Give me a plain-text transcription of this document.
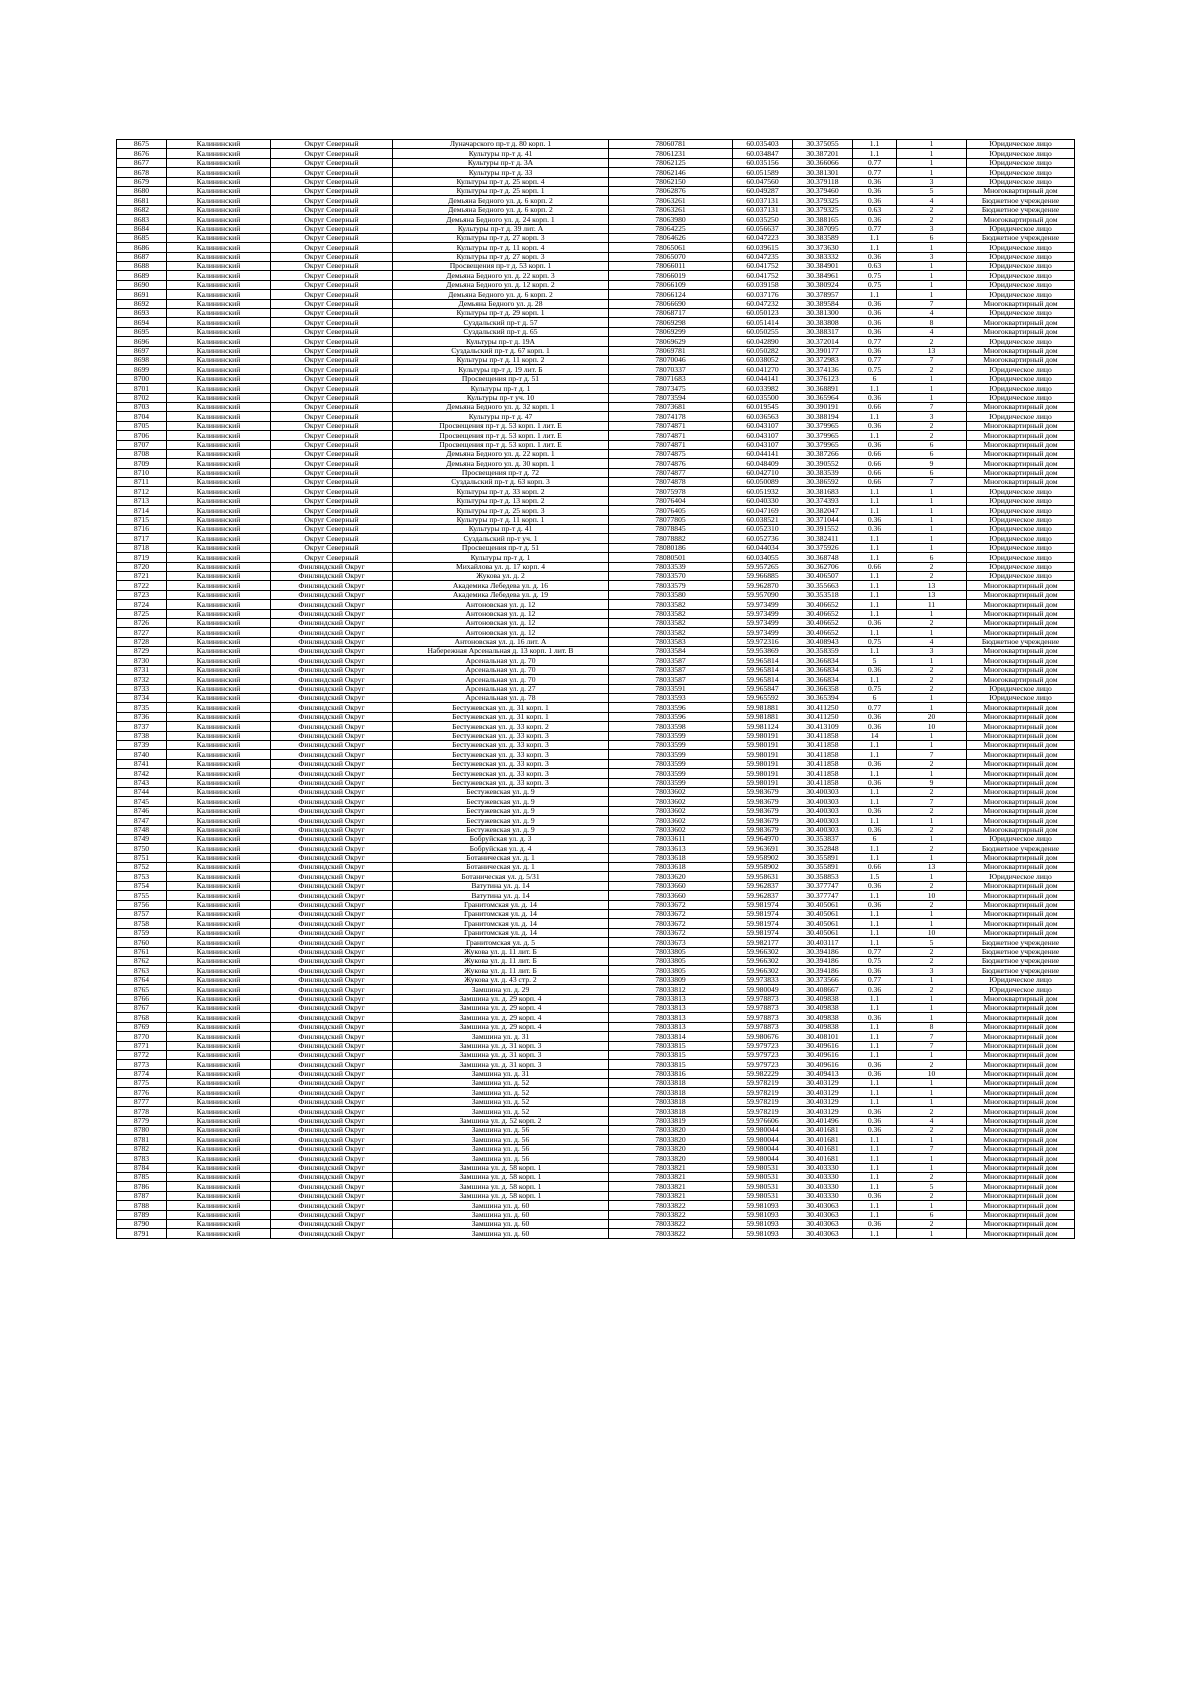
8675	Калининский	Округ Северный	Луначарского пр-т д. 80 корп. 1	78060781	60.035403	30.375055	1.1	1	Юридическое лицо
8676	Калининский	Округ Северный	Культуры пр-т д. 41	78061231	60.034847	30.387201	1.1	1	Юридическое лицо
8677	Калининский	Округ Северный	Культуры пр-т д. 3А	78062125	60.035156	30.366066	0.77	1	Юридическое лицо
8678	Калининский	Округ Северный	Культуры пр-т д. 33	78062146	60.051589	30.381301	0.77	1	Юридическое лицо
8679	Калининский	Округ Северный	Культуры пр-т д. 25 корп. 4	78062150	60.047560	30.379118	0.36	3	Юридическое лицо
8680	Калининский	Округ Северный	Культуры пр-т д. 25 корп. 1	78062876	60.049287	30.379460	0.36	5	Многоквартирный дом
8681	Калининский	Округ Северный	Демьяна Бедного ул. д. 6 корп. 2	78063261	60.037131	30.379325	0.36	4	Бюджетное учреждение
8682	Калининский	Округ Северный	Демьяна Бедного ул. д. 6 корп. 2	78063261	60.037131	30.379325	0.63	2	Бюджетное учреждение
8683	Калининский	Округ Северный	Демьяна Бедного ул. д. 24 корп. 1	78063980	60.035250	30.388165	0.36	2	Многоквартирный дом
8684	Калининский	Округ Северный	Культуры пр-т д. 39 лит. А	78064225	60.056637	30.387095	0.77	3	Юридическое лицо
8685	Калининский	Округ Северный	Культуры пр-т д. 27 корп. 3	78064626	60.047223	30.383589	1.1	6	Бюджетное учреждение
8686	Калининский	Округ Северный	Культуры пр-т д. 11 корп. 4	78065061	60.039615	30.373630	1.1	1	Юридическое лицо
8687	Калининский	Округ Северный	Культуры пр-т д. 27 корп. 3	78065070	60.047235	30.383332	0.36	3	Юридическое лицо
8688	Калининский	Округ Северный	Просвещения пр-т д. 53 корп. 1	78066011	60.041752	30.384901	0.63	1	Юридическое лицо
8689	Калининский	Округ Северный	Демьяна Бедного ул. д. 22 корп. 3	78066019	60.041752	30.384961	0.75	1	Юридическое лицо
8690	Калининский	Округ Северный	Демьяна Бедного ул. д. 12 корп. 2	78066109	60.039158	30.380924	0.75	1	Юридическое лицо
8691	Калининский	Округ Северный	Демьяна Бедного ул. д. 6 корп. 2	78066124	60.037176	30.378957	1.1	1	Юридическое лицо
8692	Калининский	Округ Северный	Демьяна Бедного ул. д. 28	78066690	60.047232	30.389584	0.36	7	Многоквартирный дом
8693	Калининский	Округ Северный	Культуры пр-т д. 29 корп. 1	78068717	60.050123	30.381300	0.36	4	Юридическое лицо
8694	Калининский	Округ Северный	Суздальский пр-т д. 57	78069298	60.051414	30.383808	0.36	8	Многоквартирный дом
8695	Калининский	Округ Северный	Суздальский пр-т д. 65	78069299	60.050255	30.388317	0.36	4	Многоквартирный дом
8696	Калининский	Округ Северный	Культуры пр-т д. 19А	78069629	60.042890	30.372014	0.77	2	Юридическое лицо
8697	Калининский	Округ Северный	Суздальский пр-т д. 67 корп. 1	78069781	60.050282	30.390177	0.36	13	Многоквартирный дом
8698	Калининский	Округ Северный	Культуры пр-т д. 11 корп. 2	78070046	60.038052	30.372983	0.77	7	Многоквартирный дом
8699	Калининский	Округ Северный	Культуры пр-т д. 19 лит. Б	78070337	60.041270	30.374136	0.75	2	Юридическое лицо
8700	Калининский	Округ Северный	Просвещения пр-т д. 51	78071683	60.044141	30.376123	6	1	Юридическое лицо
8701	Калининский	Округ Северный	Культуры пр-т д. 1	78073475	60.033982	30.368891	1.1	1	Юридическое лицо
8702	Калининский	Округ Северный	Культуры пр-т уч. 10	78073594	60.035500	30.365964	0.36	1	Юридическое лицо
8703	Калининский	Округ Северный	Демьяна Бедного ул. д. 32 корп. 1	78073681	60.019545	30.390191	0.66	7	Многоквартирный дом
8704	Калининский	Округ Северный	Культуры пр-т д. 47	78074178	60.036563	30.388194	1.1	3	Юридическое лицо
8705	Калининский	Округ Северный	Просвещения пр-т д. 53 корп. 1 лит. Е	78074871	60.043107	30.379965	0.36	2	Многоквартирный дом
8706	Калининский	Округ Северный	Просвещения пр-т д. 53 корп. 1 лит. Е	78074871	60.043107	30.379965	1.1	2	Многоквартирный дом
8707	Калининский	Округ Северный	Просвещения пр-т д. 53 корп. 1 лит. Е	78074871	60.043107	30.379965	0.36	6	Многоквартирный дом
8708	Калининский	Округ Северный	Демьяна Бедного ул. д. 22 корп. 1	78074875	60.044141	30.387266	0.66	6	Многоквартирный дом
8709	Калининский	Округ Северный	Демьяна Бедного ул. д. 30 корп. 1	78074876	60.048409	30.390552	0.66	9	Многоквартирный дом
8710	Калининский	Округ Северный	Просвещения пр-т д. 72	78074877	60.042710	30.383539	0.66	6	Многоквартирный дом
8711	Калининский	Округ Северный	Суздальский пр-т д. 63 корп. 3	78074878	60.050089	30.386592	0.66	7	Многоквартирный дом
8712	Калининский	Округ Северный	Культуры пр-т д. 33 корп. 2	78075978	60.051932	30.381683	1.1	1	Юридическое лицо
8713	Калининский	Округ Северный	Культуры пр-т д. 13 корп. 2	78076404	60.040330	30.374393	1.1	1	Юридическое лицо
8714	Калининский	Округ Северный	Культуры пр-т д. 25 корп. 3	78076405	60.047169	30.382047	1.1	1	Юридическое лицо
8715	Калининский	Округ Северный	Культуры пр-т д. 11 корп. 1	78077805	60.038521	30.371044	0.36	1	Юридическое лицо
8716	Калининский	Округ Северный	Культуры пр-т д. 41	78078845	60.052310	30.391552	0.36	1	Юридическое лицо
8717	Калининский	Округ Северный	Суздальский пр-т уч. 1	78078882	60.052736	30.382411	1.1	1	Юридическое лицо
8718	Калининский	Округ Северный	Просвещения пр-т д. 51	78080186	60.044034	30.375926	1.1	1	Юридическое лицо
8719	Калининский	Округ Северный	Культуры пр-т д. 1	78080501	60.034055	30.368748	1.1	6	Юридическое лицо
8720	Калининский	Финляндский Округ	Михайлова ул. д. 17 корп. 4	78033539	59.957265	30.362706	0.66	2	Юридическое лицо
8721	Калининский	Финляндский Округ	Жукова ул. д. 2	78033570	59.966885	30.406507	1.1	2	Юридическое лицо
8722	Калининский	Финляндский Округ	Академика Лебедева ул. д. 16	78033579	59.962870	30.355663	1.1	13	Многоквартирный дом
8723	Калининский	Финляндский Округ	Академика Лебедева ул. д. 19	78033580	59.957090	30.353518	1.1	13	Многоквартирный дом
8724	Калининский	Финляндский Округ	Антоновская ул. д. 12	78033582	59.973499	30.406652	1.1	11	Многоквартирный дом
8725	Калининский	Финляндский Округ	Антоновская ул. д. 12	78033582	59.973499	30.406652	1.1	1	Многоквартирный дом
8726	Калининский	Финляндский Округ	Антоновская ул. д. 12	78033582	59.973499	30.406652	0.36	2	Многоквартирный дом
8727	Калининский	Финляндский Округ	Антоновская ул. д. 12	78033582	59.973499	30.406652	1.1	1	Многоквартирный дом
8728	Калининский	Финляндский Округ	Антоновская ул. д. 16 лит. А	78033583	59.972316	30.408943	0.75	4	Бюджетное учреждение
8729	Калининский	Финляндский Округ	Набережная Арсенальная д. 13 корп. 1 лит. В	78033584	59.953869	30.358359	1.1	3	Многоквартирный дом
8730	Калининский	Финляндский Округ	Арсенальная ул. д. 70	78033587	59.965814	30.366834	5	1	Многоквартирный дом
8731	Калининский	Финляндский Округ	Арсенальная ул. д. 70	78033587	59.965814	30.366834	0.36	2	Многоквартирный дом
8732	Калининский	Финляндский Округ	Арсенальная ул. д. 70	78033587	59.965814	30.366834	1.1	2	Многоквартирный дом
8733	Калининский	Финляндский Округ	Арсенальная ул. д. 27	78033591	59.965847	30.366358	0.75	2	Юридическое лицо
8734	Калининский	Финляндский Округ	Арсенальная ул. д. 78	78033593	59.965592	30.365394	6	1	Юридическое лицо
8735	Калининский	Финляндский Округ	Бестужевская ул. д. 31 корп. 1	78033596	59.981881	30.411250	0.77	1	Многоквартирный дом
8736	Калининский	Финляндский Округ	Бестужевская ул. д. 31 корп. 1	78033596	59.981881	30.411250	0.36	20	Многоквартирный дом
8737	Калининский	Финляндский Округ	Бестужевская ул. д. 33 корп. 2	78033598	59.981124	30.413109	0.36	10	Многоквартирный дом
8738	Калининский	Финляндский Округ	Бестужевская ул. д. 33 корп. 3	78033599	59.980191	30.411858	14	1	Многоквартирный дом
8739	Калининский	Финляндский Округ	Бестужевская ул. д. 33 корп. 3	78033599	59.980191	30.411858	1.1	1	Многоквартирный дом
8740	Калининский	Финляндский Округ	Бестужевская ул. д. 33 корп. 3	78033599	59.980191	30.411858	1.1	7	Многоквартирный дом
8741	Калининский	Финляндский Округ	Бестужевская ул. д. 33 корп. 3	78033599	59.980191	30.411858	0.36	2	Многоквартирный дом
8742	Калининский	Финляндский Округ	Бестужевская ул. д. 33 корп. 3	78033599	59.980191	30.411858	1.1	1	Многоквартирный дом
8743	Калининский	Финляндский Округ	Бестужевская ул. д. 33 корп. 3	78033599	59.980191	30.411858	0.36	9	Многоквартирный дом
8744	Калининский	Финляндский Округ	Бестужевская ул. д. 9	78033602	59.983679	30.400303	1.1	2	Многоквартирный дом
8745	Калининский	Финляндский Округ	Бестужевская ул. д. 9	78033602	59.983679	30.400303	1.1	7	Многоквартирный дом
8746	Калининский	Финляндский Округ	Бестужевская ул. д. 9	78033602	59.983679	30.400303	0.36	2	Многоквартирный дом
8747	Калининский	Финляндский Округ	Бестужевская ул. д. 9	78033602	59.983679	30.400303	1.1	1	Многоквартирный дом
8748	Калининский	Финляндский Округ	Бестужевская ул. д. 9	78033602	59.983679	30.400303	0.36	2	Многоквартирный дом
8749	Калининский	Финляндский Округ	Бобруйская ул. д. 3	78033611	59.964970	30.353837	6	1	Юридическое лицо
8750	Калининский	Финляндский Округ	Бобруйская ул. д. 4	78033613	59.963691	30.352848	1.1	2	Бюджетное учреждение
8751	Калининский	Финляндский Округ	Ботаническая ул. д. 1	78033618	59.958902	30.355891	1.1	1	Многоквартирный дом
8752	Калининский	Финляндский Округ	Ботаническая ул. д. 1	78033618	59.958902	30.355891	0.66	13	Многоквартирный дом
8753	Калининский	Финляндский Округ	Ботаническая ул. д. 5/31	78033620	59.958631	30.358853	1.5	1	Юридическое лицо
8754	Калининский	Финляндский Округ	Ватутина ул. д. 14	78033660	59.962837	30.377747	0.36	2	Многоквартирный дом
8755	Калининский	Финляндский Округ	Ватутина ул. д. 14	78033660	59.962837	30.377747	1.1	10	Многоквартирный дом
8756	Калининский	Финляндский Округ	Гранитомская ул. д. 14	78033672	59.981974	30.405061	0.36	2	Многоквартирный дом
8757	Калининский	Финляндский Округ	Гранитомская ул. д. 14	78033672	59.981974	30.405061	1.1	1	Многоквартирный дом
8758	Калининский	Финляндский Округ	Гранитомская ул. д. 14	78033672	59.981974	30.405061	1.1	1	Многоквартирный дом
8759	Калининский	Финляндский Округ	Гранитомская ул. д. 14	78033672	59.981974	30.405061	1.1	10	Многоквартирный дом
8760	Калининский	Финляндский Округ	Гранитомская ул. д. 5	78033673	59.982177	30.403117	1.1	5	Бюджетное учреждение
8761	Калининский	Финляндский Округ	Жукова ул. д. 11 лит. Б	78033805	59.966302	30.394186	0.77	2	Бюджетное учреждение
8762	Калининский	Финляндский Округ	Жукова ул. д. 11 лит. Б	78033805	59.966302	30.394186	0.75	2	Бюджетное учреждение
8763	Калининский	Финляндский Округ	Жукова ул. д. 11 лит. Б	78033805	59.966302	30.394186	0.36	3	Бюджетное учреждение
8764	Калининский	Финляндский Округ	Жукова ул. д. 43 стр. 2	78033809	59.973833	30.373566	0.77	1	Юридическое лицо
8765	Калининский	Финляндский Округ	Замшина ул. д. 29	78033812	59.980049	30.408667	0.36	2	Юридическое лицо
8766	Калининский	Финляндский Округ	Замшина ул. д. 29 корп. 4	78033813	59.978873	30.409838	1.1	1	Многоквартирный дом
8767	Калининский	Финляндский Округ	Замшина ул. д. 29 корп. 4	78033813	59.978873	30.409838	1.1	1	Многоквартирный дом
8768	Калининский	Финляндский Округ	Замшина ул. д. 29 корп. 4	78033813	59.978873	30.409838	0.36	1	Многоквартирный дом
8769	Калининский	Финляндский Округ	Замшина ул. д. 29 корп. 4	78033813	59.978873	30.409838	1.1	8	Многоквартирный дом
8770	Калининский	Финляндский Округ	Замшина ул. д. 31	78033814	59.980676	30.408101	1.1	7	Многоквартирный дом
8771	Калининский	Финляндский Округ	Замшина ул. д. 31 корп. 3	78033815	59.979723	30.409616	1.1	7	Многоквартирный дом
8772	Калининский	Финляндский Округ	Замшина ул. д. 31 корп. 3	78033815	59.979723	30.409616	1.1	1	Многоквартирный дом
8773	Калининский	Финляндский Округ	Замшина ул. д. 31 корп. 3	78033815	59.979723	30.409616	0.36	2	Многоквартирный дом
8774	Калининский	Финляндский Округ	Замшина ул. д. 31	78033816	59.982229	30.409413	0.36	10	Многоквартирный дом
8775	Калининский	Финляндский Округ	Замшина ул. д. 52	78033818	59.978219	30.403129	1.1	1	Многоквартирный дом
8776	Калининский	Финляндский Округ	Замшина ул. д. 52	78033818	59.978219	30.403129	1.1	1	Многоквартирный дом
8777	Калининский	Финляндский Округ	Замшина ул. д. 52	78033818	59.978219	30.403129	1.1	1	Многоквартирный дом
8778	Калининский	Финляндский Округ	Замшина ул. д. 52	78033818	59.978219	30.403129	0.36	2	Многоквартирный дом
8779	Калининский	Финляндский Округ	Замшина ул. д. 52 корп. 2	78033819	59.976606	30.401496	0.36	4	Многоквартирный дом
8780	Калининский	Финляндский Округ	Замшина ул. д. 56	78033820	59.980044	30.401681	0.36	2	Многоквартирный дом
8781	Калининский	Финляндский Округ	Замшина ул. д. 56	78033820	59.980044	30.401681	1.1	1	Многоквартирный дом
8782	Калининский	Финляндский Округ	Замшина ул. д. 56	78033820	59.980044	30.401681	1.1	7	Многоквартирный дом
8783	Калининский	Финляндский Округ	Замшина ул. д. 56	78033820	59.980044	30.401681	1.1	1	Многоквартирный дом
8784	Калининский	Финляндский Округ	Замшина ул. д. 58 корп. 1	78033821	59.980531	30.403330	1.1	1	Многоквартирный дом
8785	Калининский	Финляндский Округ	Замшина ул. д. 58 корп. 1	78033821	59.980531	30.403330	1.1	2	Многоквартирный дом
8786	Калининский	Финляндский Округ	Замшина ул. д. 58 корп. 1	78033821	59.980531	30.403330	1.1	5	Многоквартирный дом
8787	Калининский	Финляндский Округ	Замшина ул. д. 58 корп. 1	78033821	59.980531	30.403330	0.36	2	Многоквартирный дом
8788	Калининский	Финляндский Округ	Замшина ул. д. 60	78033822	59.981093	30.403063	1.1	1	Многоквартирный дом
8789	Калининский	Финляндский Округ	Замшина ул. д. 60	78033822	59.981093	30.403063	1.1	6	Многоквартирный дом
8790	Калининский	Финляндский Округ	Замшина ул. д. 60	78033822	59.981093	30.403063	0.36	2	Многоквартирный дом
8791	Калининский	Финляндский Округ	Замшина ул. д. 60	78033822	59.981093	30.403063	1.1	1	Многоквартирный дом
